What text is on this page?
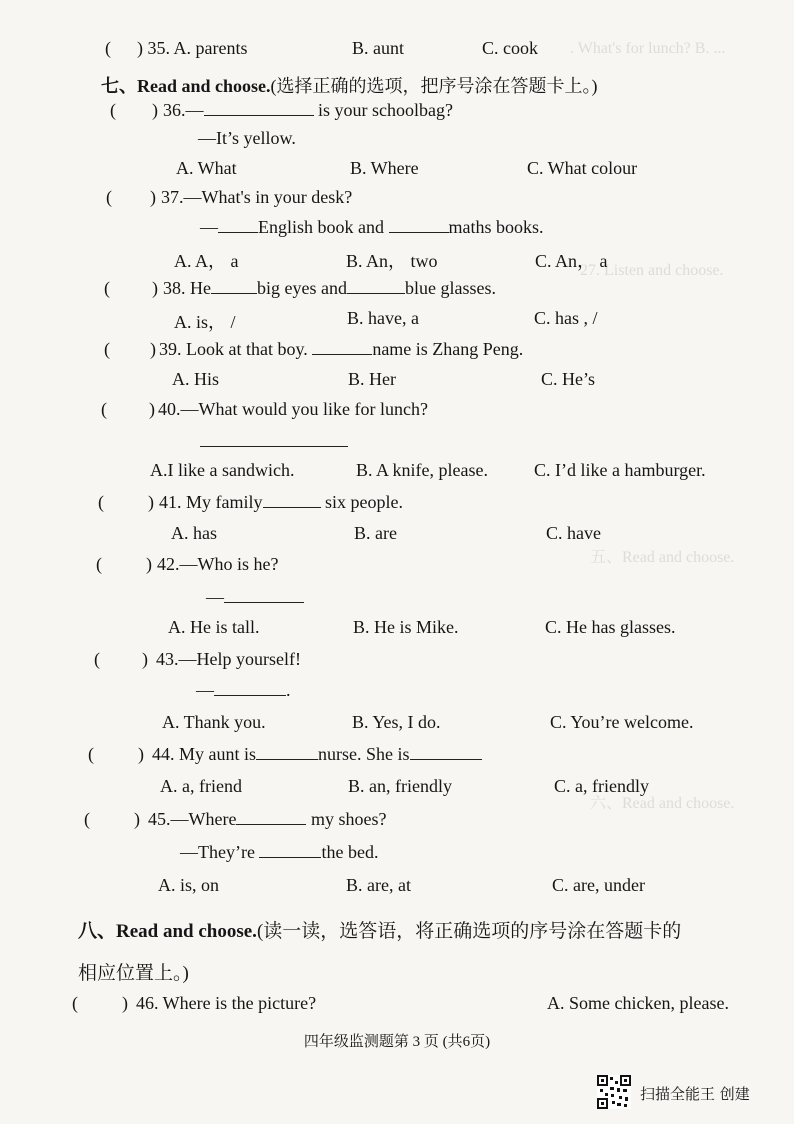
. What's for lunch? B. ...
27. Listen and choose.
五、Read and choose.
六、Read and choose.
( ) 35. A. parents	B. aunt	C. cook
七、Read and choose.(选择正确的选项，把序号涂在答题卡上。)
( ) 36.—	is your schoolbag?
—It’s yellow.
A. What	B. Where	C. What colour
( ) 37.—What's in your desk?
— English book and	maths books.
A. A， a	B. An， two	C. An， a
( ) 38. He	big eyes and	blue glasses.
A. is， /	B. have, a	C. has , /
( ) 39. Look at that boy.	name is Zhang Peng.
A. His	B. Her	C. He’s
( ) 40.—What would you like for lunch?
A.I like a sandwich.	B. A knife, please.	C. I’d like a hamburger.
( ) 41. My family	six people.
A. has	B. are	C. have
( ) 42.—Who is he?
—
A. He is tall.	B. He is Mike.	C. He has glasses.
( ) 43.—Help yourself!
—	.
A. Thank you.	B. Yes, I do.	C. You’re welcome.
( ) 44. My aunt is	nurse. She is
A. a, friend	B. an, friendly	C. a, friendly
( ) 45.—Where	my shoes?
—They’re	the bed.
A. is, on	B. are, at	C. are, under
八、Read and choose.(读一读，选答语，将正确选项的序号涂在答题卡的
相应位置上。)
( ) 46. Where is the picture?	A. Some chicken, please.
四年级监测题第 3 页 (共6页)
扫描全能王 创建
